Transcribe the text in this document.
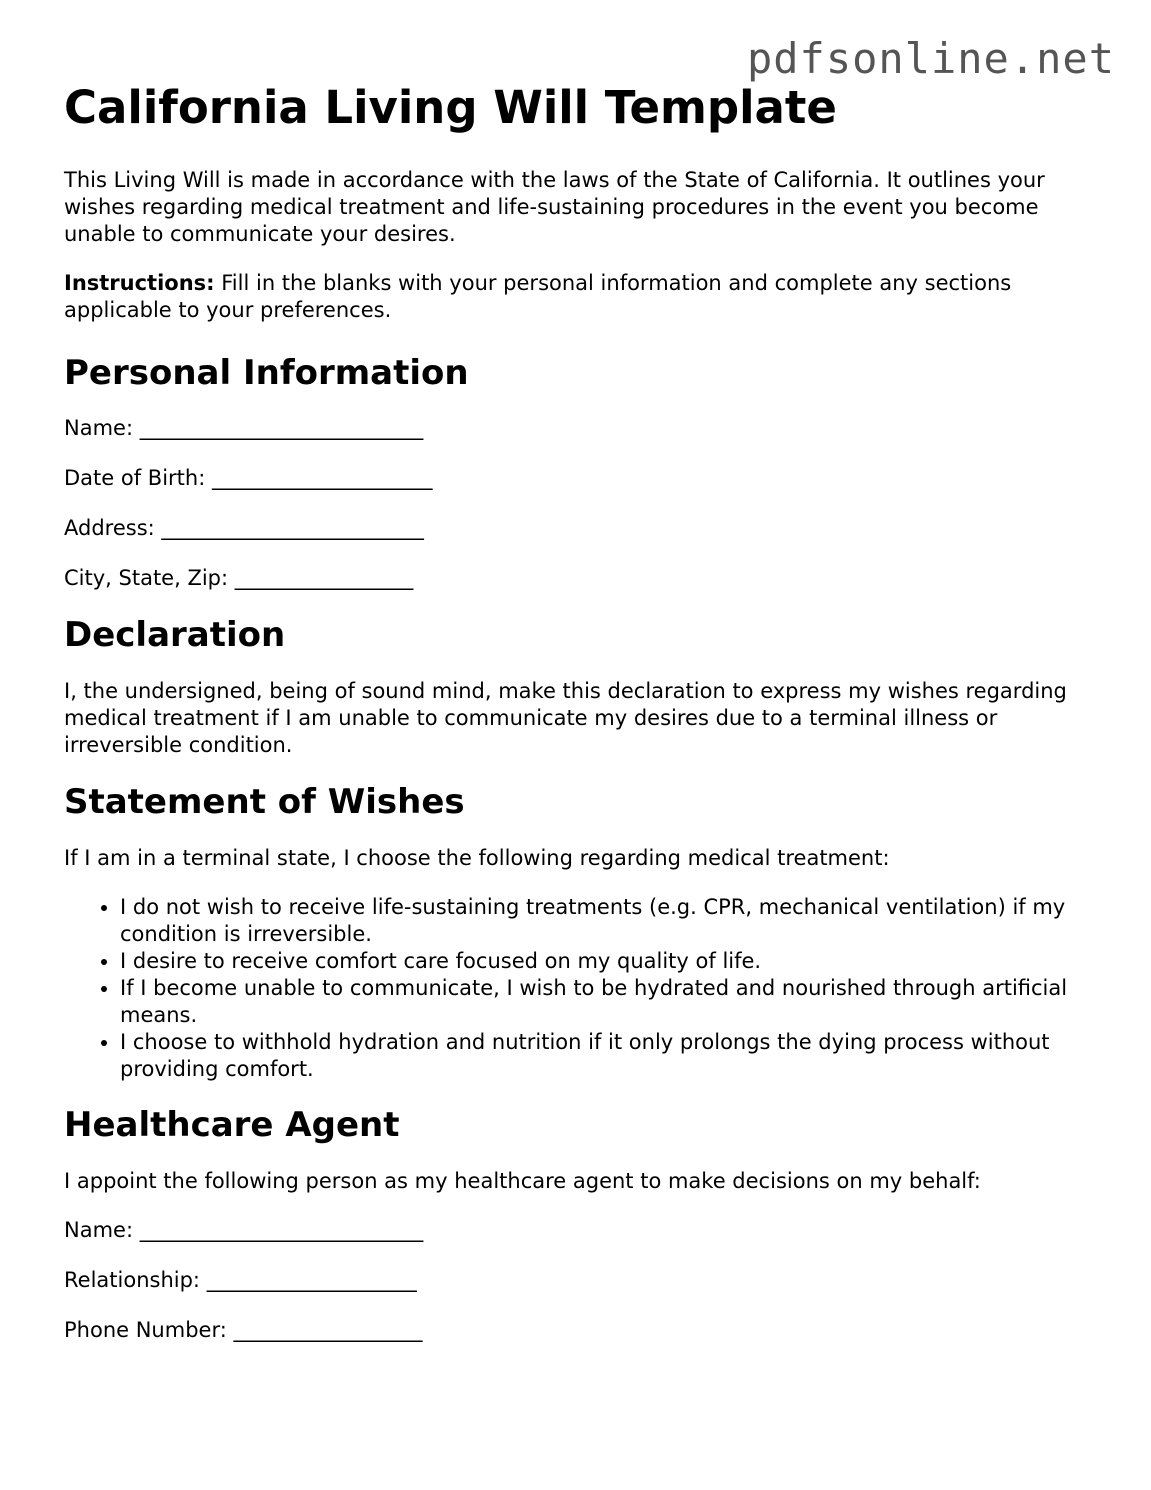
pdfsonline.net
California Living Will Template

This Living Will is made in accordance with the laws of the State of California. It outlines your wishes regarding medical treatment and life-sustaining procedures in the event you become unable to communicate your desires.

Instructions: Fill in the blanks with your personal information and complete any sections applicable to your preferences.

Personal Information

Name: ___________________________

Date of Birth: _____________________

Address: _________________________

City, State, Zip: _________________

Declaration

I, the undersigned, being of sound mind, make this declaration to express my wishes regarding medical treatment if I am unable to communicate my desires due to a terminal illness or irreversible condition.

Statement of Wishes

If I am in a terminal state, I choose the following regarding medical treatment:

• I do not wish to receive life-sustaining treatments (e.g. CPR, mechanical ventilation) if my condition is irreversible.
• I desire to receive comfort care focused on my quality of life.
• If I become unable to communicate, I wish to be hydrated and nourished through artificial means.
• I choose to withhold hydration and nutrition if it only prolongs the dying process without providing comfort.
Healthcare Agent

I appoint the following person as my healthcare agent to make decisions on my behalf:

Name: ___________________________

Relationship: ____________________

Phone Number: __________________
